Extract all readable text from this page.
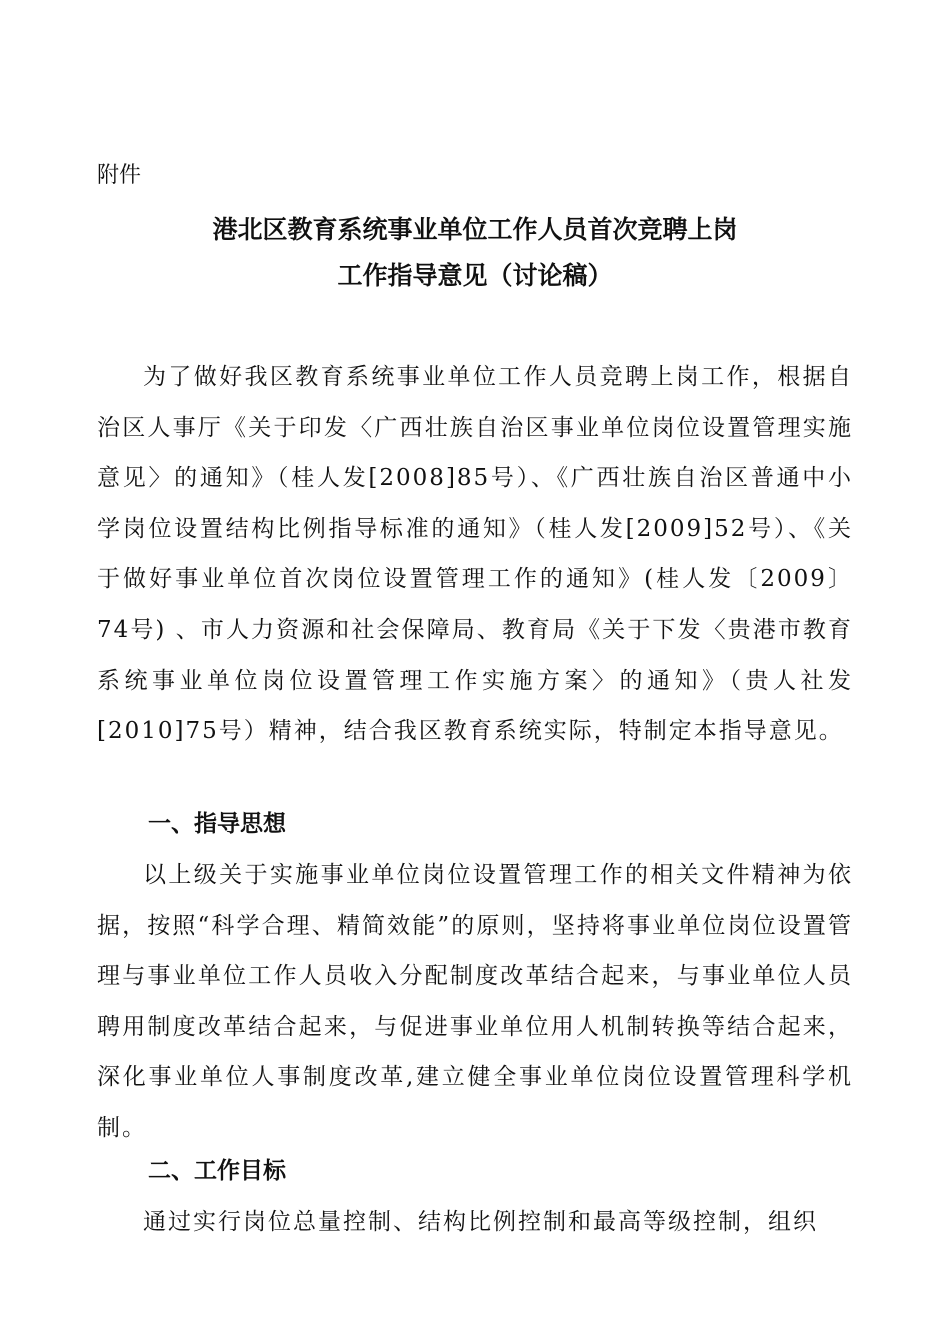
附件

港北区教育系统事业单位工作人员首次竞聘上岗
工作指导意见（讨论稿）

为了做好我区教育系统事业单位工作人员竞聘上岗工作，根据自治区人事厅《关于印发〈广西壮族自治区事业单位岗位设置管理实施意见〉的通知》（桂人发[2008]85号）、《广西壮族自治区普通中小学岗位设置结构比例指导标准的通知》（桂人发[2009]52号）、《关于做好事业单位首次岗位设置管理工作的通知》(桂人发〔2009〕74号) 、市人力资源和社会保障局、教育局《关于下发〈贵港市教育系统事业单位岗位设置管理工作实施方案〉的通知》（贵人社发[2010]75号）精神，结合我区教育系统实际，特制定本指导意见。

一、指导思想

以上级关于实施事业单位岗位设置管理工作的相关文件精神为依据，按照“科学合理、精简效能”的原则，坚持将事业单位岗位设置管理与事业单位工作人员收入分配制度改革结合起来，与事业单位人员聘用制度改革结合起来，与促进事业单位用人机制转换等结合起来，深化事业单位人事制度改革,建立健全事业单位岗位设置管理科学机制。

二、工作目标

通过实行岗位总量控制、结构比例控制和最高等级控制，组织
